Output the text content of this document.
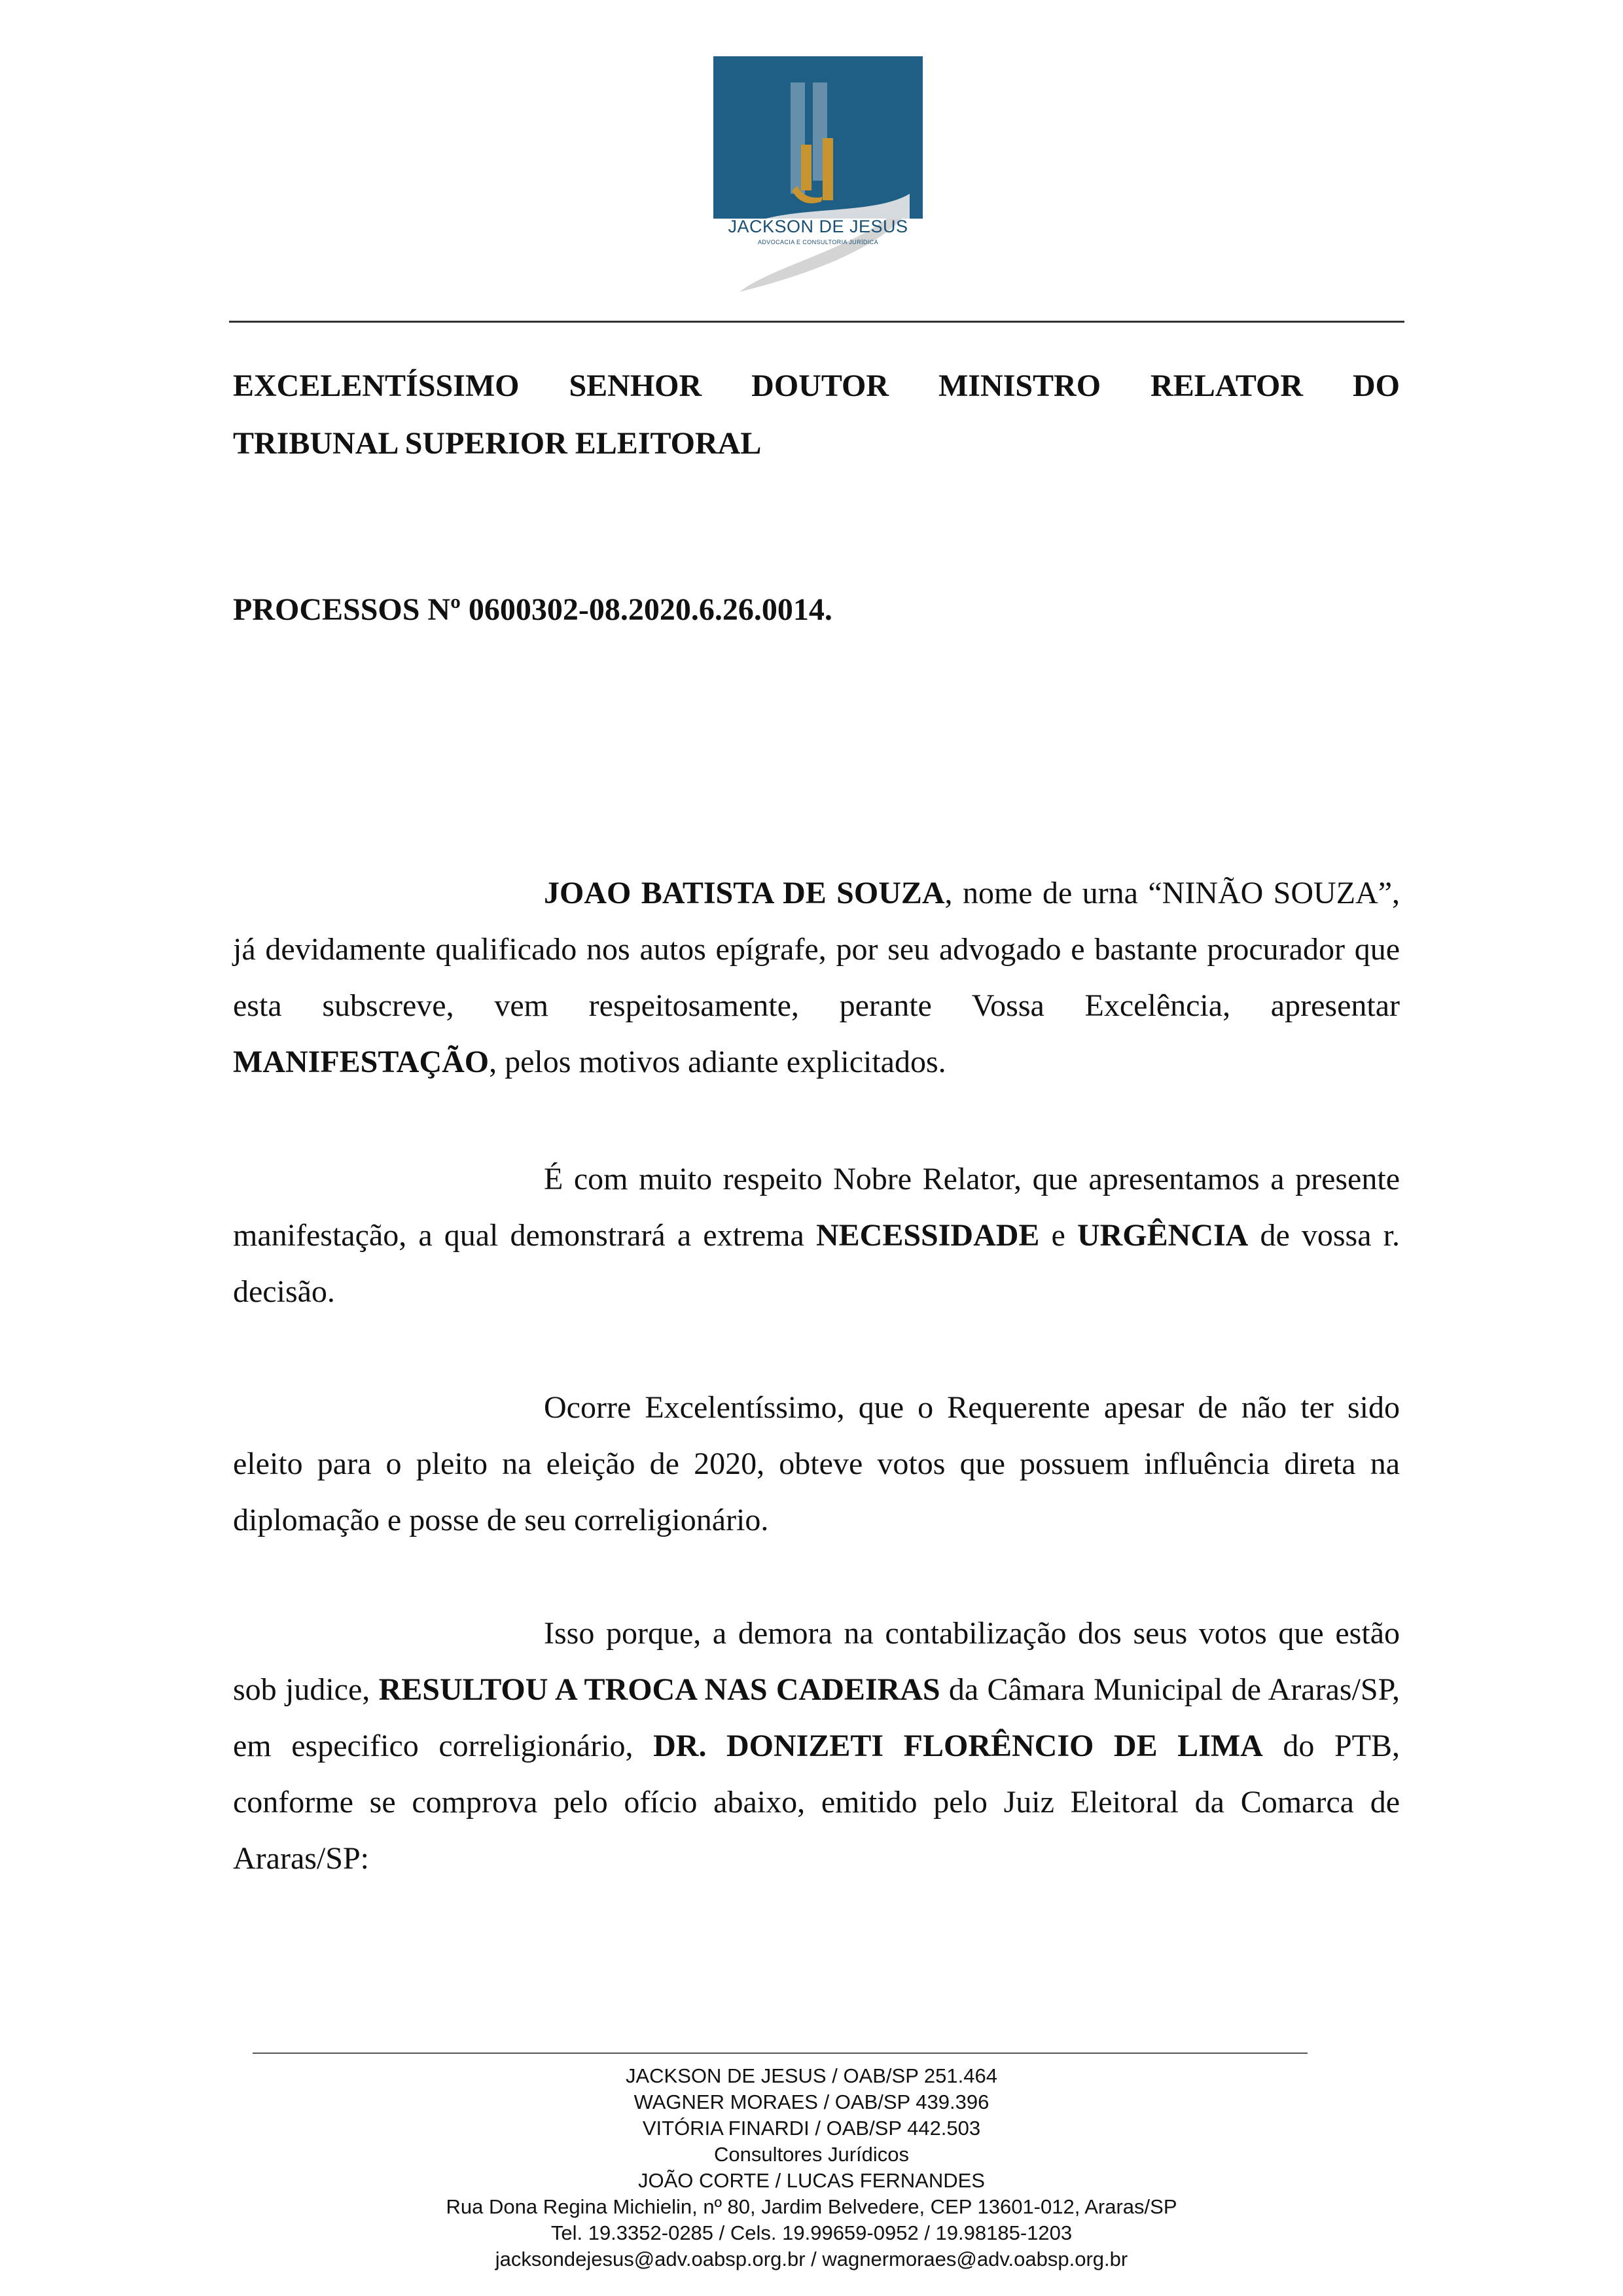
JACKSON DE JESUS
ADVOCACIA E CONSULTORIA JURÍDICA
EXCELENTÍSSIMO SENHOR DOUTOR MINISTRO RELATOR DO
TRIBUNAL SUPERIOR ELEITORAL
PROCESSOS Nº 0600302-08.2020.6.26.0014.
JOAO BATISTA DE SOUZA, nome de urna “NINÃO SOUZA”, já devidamente qualificado nos autos epígrafe, por seu advogado e bastante procurador que esta subscreve, vem respeitosamente, perante Vossa Excelência, apresentar MANIFESTAÇÃO, pelos motivos adiante explicitados.
É com muito respeito Nobre Relator, que apresentamos a presente manifestação, a qual demonstrará a extrema NECESSIDADE e URGÊNCIA de vossa r. decisão.
Ocorre Excelentíssimo, que o Requerente apesar de não ter sido eleito para o pleito na eleição de 2020, obteve votos que possuem influência direta na diplomação e posse de seu correligionário.
Isso porque, a demora na contabilização dos seus votos que estão sob judice, RESULTOU A TROCA NAS CADEIRAS da Câmara Municipal de Araras/SP, em especifico correligionário, DR. DONIZETI FLORÊNCIO DE LIMA do PTB, conforme se comprova pelo ofício abaixo, emitido pelo Juiz Eleitoral da Comarca de Araras/SP:
JACKSON DE JESUS / OAB/SP 251.464
WAGNER MORAES / OAB/SP 439.396
VITÓRIA FINARDI / OAB/SP 442.503
Consultores Jurídicos
JOÃO CORTE / LUCAS FERNANDES
Rua Dona Regina Michielin, nº 80, Jardim Belvedere, CEP 13601-012, Araras/SP
Tel. 19.3352-0285 / Cels. 19.99659-0952 / 19.98185-1203
jacksondejesus@adv.oabsp.org.br / wagnermoraes@adv.oabsp.org.br
